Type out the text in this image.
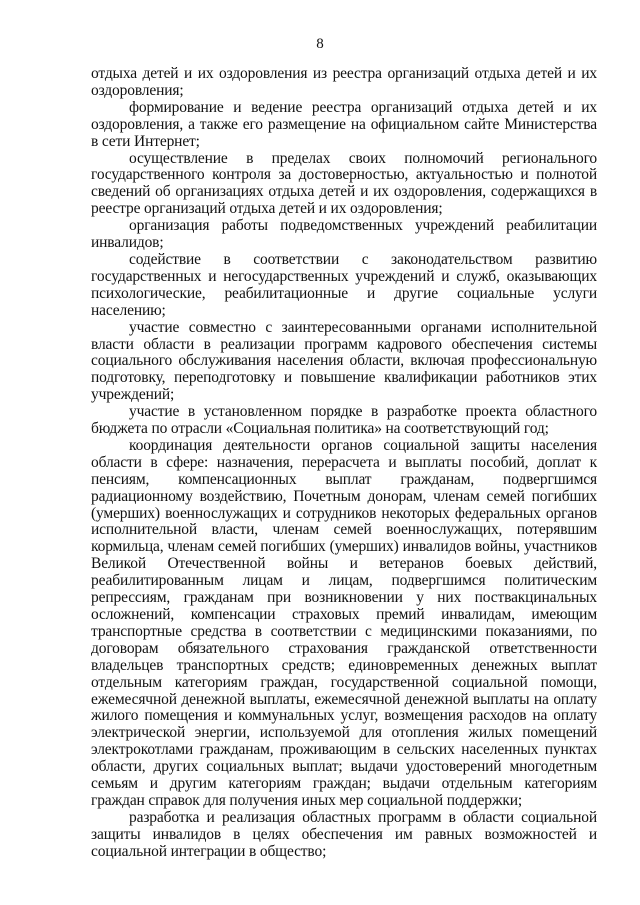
8

отдыха детей и их оздоровления из реестра организаций отдыха детей и их оздоровления;

формирование и ведение реестра организаций отдыха детей и их оздоровления, а также его размещение на официальном сайте Министерства в сети Интернет;

осуществление в пределах своих полномочий регионального государственного контроля за достоверностью, актуальностью и полнотой сведений об организациях отдыха детей и их оздоровления, содержащихся в реестре организаций отдыха детей и их оздоровления;

организация работы подведомственных учреждений реабилитации инвалидов;

содействие в соответствии с законодательством развитию государственных и негосударственных учреждений и служб, оказывающих психологические, реабилитационные и другие социальные услуги населению;

участие совместно с заинтересованными органами исполнительной власти области в реализации программ кадрового обеспечения системы социального обслуживания населения области, включая профессиональную подготовку, переподготовку и повышение квалификации работников этих учреждений;

участие в установленном порядке в разработке проекта областного бюджета по отрасли «Социальная политика» на соответствующий год;

координация деятельности органов социальной защиты населения области в сфере: назначения, перерасчета и выплаты пособий, доплат к пенсиям, компенсационных выплат гражданам, подвергшимся радиационному воздействию, Почетным донорам, членам семей погибших (умерших) военнослужащих и сотрудников некоторых федеральных органов исполнительной власти, членам семей военнослужащих, потерявшим кормильца, членам семей погибших (умерших) инвалидов войны, участников Великой Отечественной войны и ветеранов боевых действий, реабилитированным лицам и лицам, подвергшимся политическим репрессиям, гражданам при возникновении у них поствакцинальных осложнений, компенсации страховых премий инвалидам, имеющим транспортные средства в соответствии с медицинскими показаниями, по договорам обязательного страхования гражданской ответственности владельцев транспортных средств; единовременных денежных выплат отдельным категориям граждан, государственной социальной помощи, ежемесячной денежной выплаты, ежемесячной денежной выплаты на оплату жилого помещения и коммунальных услуг, возмещения расходов на оплату электрической энергии, используемой для отопления жилых помещений электрокотлами гражданам, проживающим в сельских населенных пунктах области, других социальных выплат; выдачи удостоверений многодетным семьям и другим категориям граждан; выдачи отдельным категориям граждан справок для получения иных мер социальной поддержки;

разработка и реализация областных программ в области социальной защиты инвалидов в целях обеспечения им равных возможностей и социальной интеграции в общество;
